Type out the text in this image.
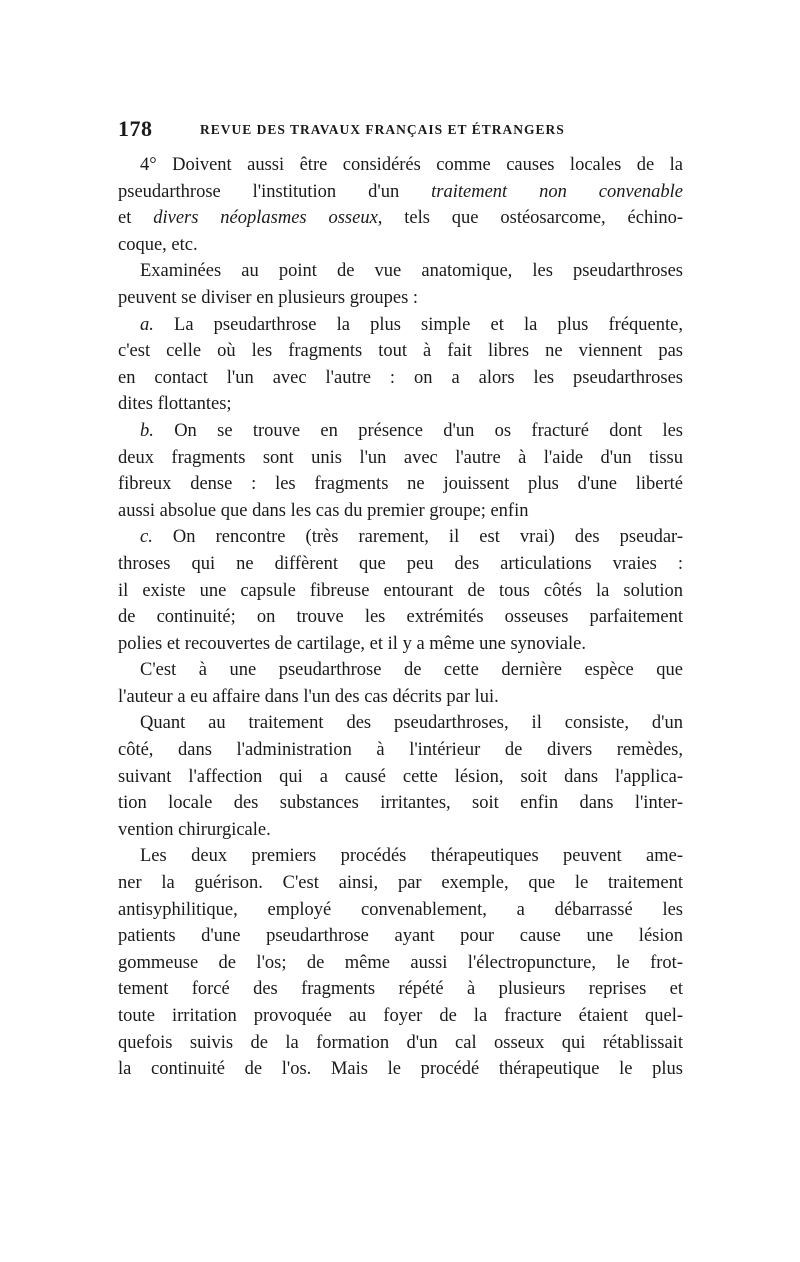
178	REVUE DES TRAVAUX FRANÇAIS ET ÉTRANGERS
4° Doivent aussi être considérés comme causes locales de la
pseudarthrose l'institution d'un traitement non convenable
et divers néoplasmes osseux, tels que ostéosarcome, échino-
coque, etc.
Examinées au point de vue anatomique, les pseudarthroses
peuvent se diviser en plusieurs groupes :
a. La pseudarthrose la plus simple et la plus fréquente,
c'est celle où les fragments tout à fait libres ne viennent pas
en contact l'un avec l'autre : on a alors les pseudarthroses
dites flottantes;
b. On se trouve en présence d'un os fracturé dont les
deux fragments sont unis l'un avec l'autre à l'aide d'un tissu
fibreux dense : les fragments ne jouissent plus d'une liberté
aussi absolue que dans les cas du premier groupe; enfin
c. On rencontre (très rarement, il est vrai) des pseudar-
throses qui ne diffèrent que peu des articulations vraies :
il existe une capsule fibreuse entourant de tous côtés la solution
de continuité; on trouve les extrémités osseuses parfaitement
polies et recouvertes de cartilage, et il y a même une synoviale.
C'est à une pseudarthrose de cette dernière espèce que
l'auteur a eu affaire dans l'un des cas décrits par lui.
Quant au traitement des pseudarthroses, il consiste, d'un
côté, dans l'administration à l'intérieur de divers remèdes,
suivant l'affection qui a causé cette lésion, soit dans l'applica-
tion locale des substances irritantes, soit enfin dans l'inter-
vention chirurgicale.
Les deux premiers procédés thérapeutiques peuvent ame-
ner la guérison. C'est ainsi, par exemple, que le traitement
antisyphilitique, employé convenablement, a débarrassé les
patients d'une pseudarthrose ayant pour cause une lésion
gommeuse de l'os; de même aussi l'électropuncture, le frot-
tement forcé des fragments répété à plusieurs reprises et
toute irritation provoquée au foyer de la fracture étaient quel-
quefois suivis de la formation d'un cal osseux qui rétablissait
la continuité de l'os. Mais le procédé thérapeutique le plus
